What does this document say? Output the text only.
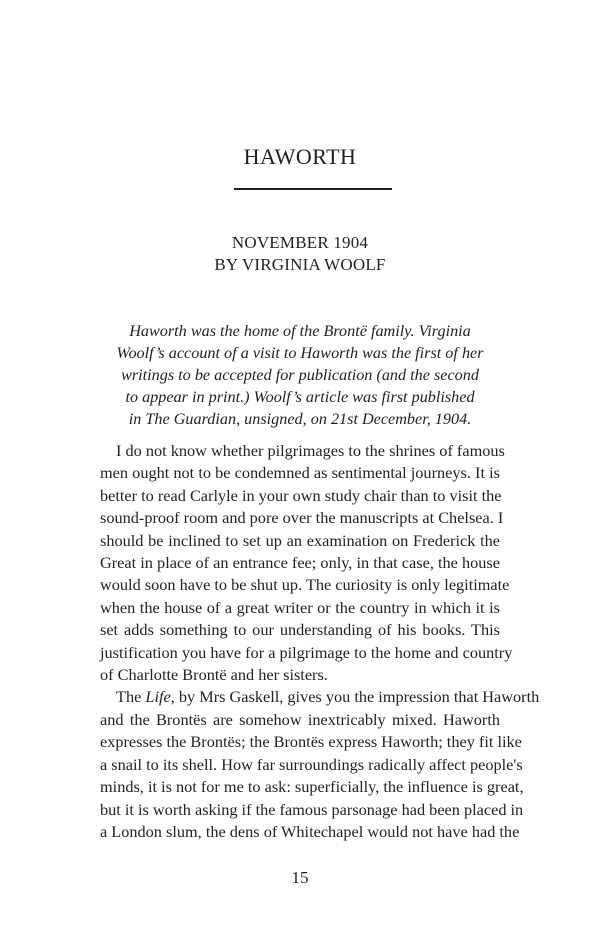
HAWORTH
NOVEMBER 1904
BY VIRGINIA WOOLF
Haworth was the home of the Brontë family. Virginia
Woolf’s account of a visit to Haworth was the first of her
writings to be accepted for publication (and the second
to appear in print.) Woolf’s article was first published
in The Guardian, unsigned, on 21st December, 1904.
I do not know whether pilgrimages to the shrines of famous
men ought not to be condemned as sentimental journeys. It is
better to read Carlyle in your own study chair than to visit the
sound-proof room and pore over the manuscripts at Chelsea. I
should be inclined to set up an examination on Frederick the
Great in place of an entrance fee; only, in that case, the house
would soon have to be shut up. The curiosity is only legitimate
when the house of a great writer or the country in which it is
set adds something to our understanding of his books. This
justification you have for a pilgrimage to the home and country
of Charlotte Brontë and her sisters.
The Life, by Mrs Gaskell, gives you the impression that Haworth
and the Brontës are somehow inextricably mixed. Haworth
expresses the Brontës; the Brontës express Haworth; they fit like
a snail to its shell. How far surroundings radically affect people's
minds, it is not for me to ask: superficially, the influence is great,
but it is worth asking if the famous parsonage had been placed in
a London slum, the dens of Whitechapel would not have had the
15
